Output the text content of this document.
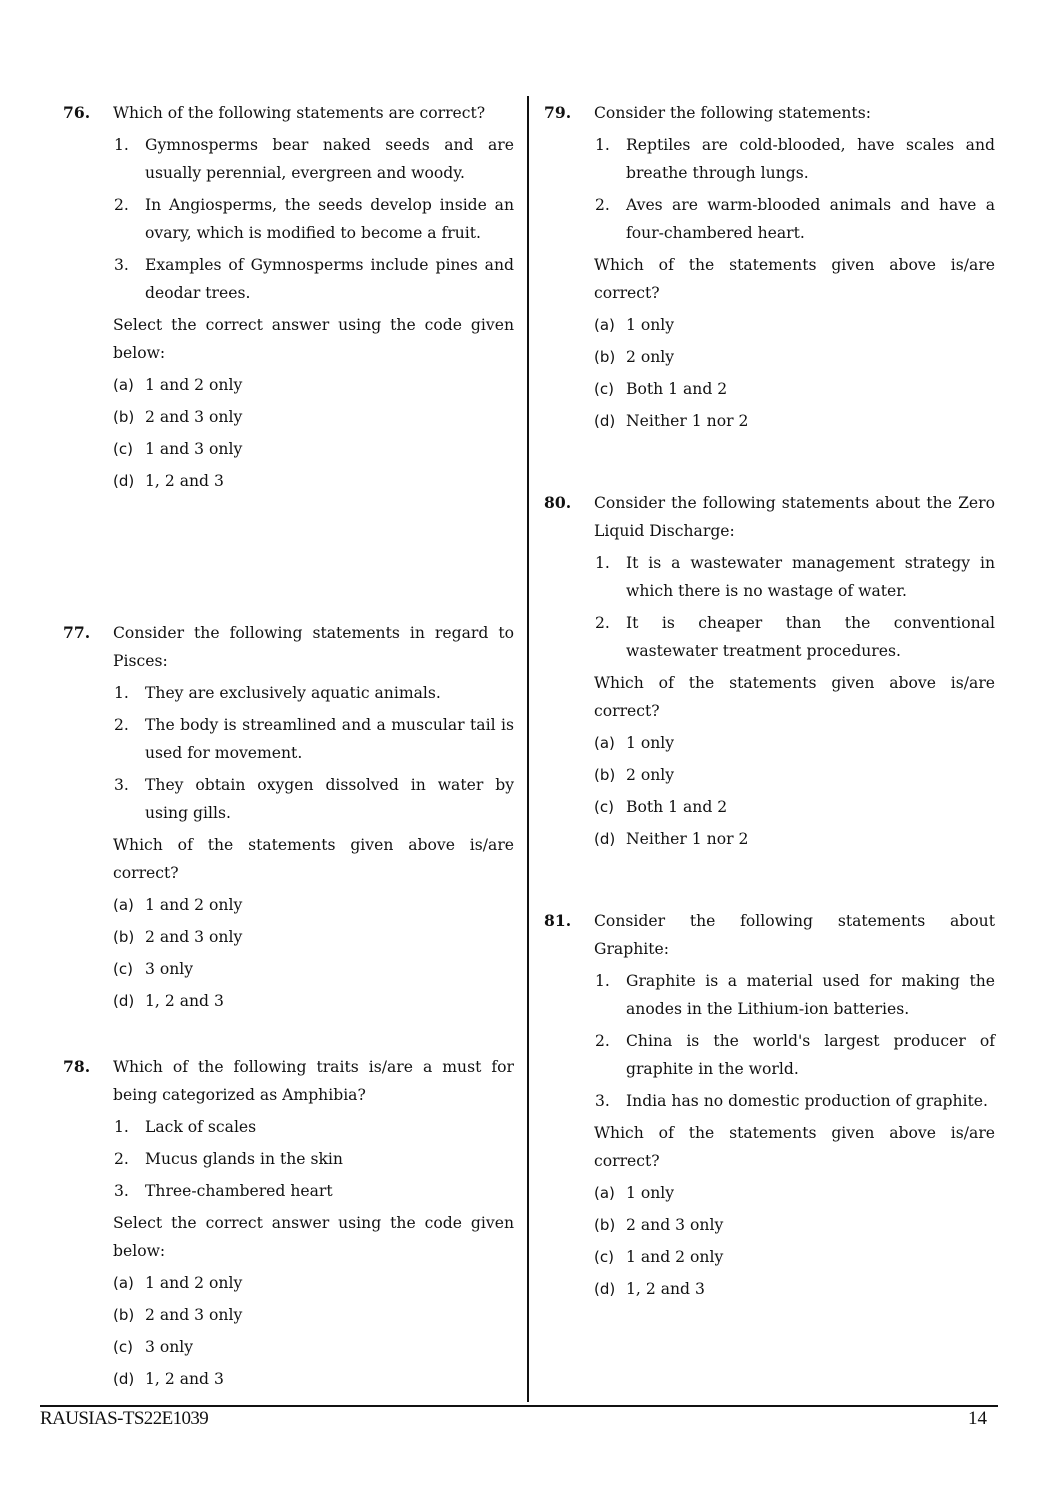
76. Which of the following statements are correct?
1.	Gymnosperms bear naked seeds and are usually perennial, evergreen and woody.
2.	In Angiosperms, the seeds develop inside an ovary, which is modified to become a fruit.
3.	Examples of Gymnosperms include pines and deodar trees.
Select the correct answer using the code given below:
(a) 1 and 2 only
(b) 2 and 3 only
(c) 1 and 3 only
(d) 1, 2 and 3
77. Consider the following statements in regard to Pisces:
1.	They are exclusively aquatic animals.
2.	The body is streamlined and a muscular tail is used for movement.
3.	They obtain oxygen dissolved in water by using gills.
Which of the statements given above is/are correct?
(a) 1 and 2 only
(b) 2 and 3 only
(c) 3 only
(d) 1, 2 and 3
78. Which of the following traits is/are a must for being categorized as Amphibia?
1.	Lack of scales
2.	Mucus glands in the skin
3.	Three-chambered heart
Select the correct answer using the code given below:
(a) 1 and 2 only
(b) 2 and 3 only
(c) 3 only
(d) 1, 2 and 3
79. Consider the following statements:
1.	Reptiles are cold-blooded, have scales and breathe through lungs.
2.	Aves are warm-blooded animals and have a four-chambered heart.
Which of the statements given above is/are correct?
(a) 1 only
(b) 2 only
(c) Both 1 and 2
(d) Neither 1 nor 2
80. Consider the following statements about the Zero Liquid Discharge:
1.	It is a wastewater management strategy in which there is no wastage of water.
2.	It is cheaper than the conventional wastewater treatment procedures.
Which of the statements given above is/are correct?
(a) 1 only
(b) 2 only
(c) Both 1 and 2
(d) Neither 1 nor 2
81. Consider the following statements about Graphite:
1.	Graphite is a material used for making the anodes in the Lithium-ion batteries.
2.	China is the world's largest producer of graphite in the world.
3.	India has no domestic production of graphite.
Which of the statements given above is/are correct?
(a) 1 only
(b) 2 and 3 only
(c) 1 and 2 only
(d) 1, 2 and 3
RAUSIAS-TS22E1039	14
